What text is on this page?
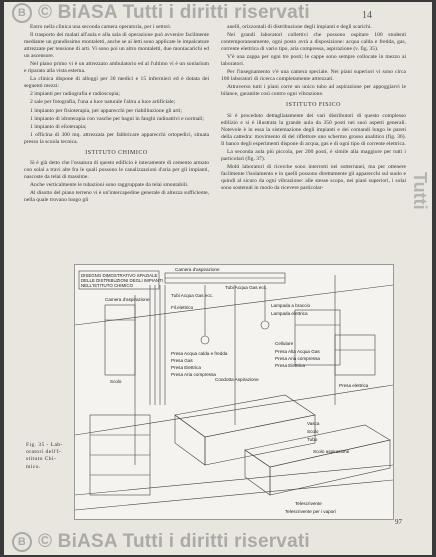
B © BiASA Tutti i diritti riservati	14
Tutti

Entro nella clinica una seconda camera operatoria, per i settori.

Il trasporto dei malati all'aula e alla sala di operazione può avvenire facilmente mediante un grandissimo montaletti, anche se ai letti sono applicate le impalcature attrezzate per tensione di arti. Vi sono poi un altro montaletti, due montacarichi ed un ascensore.

Nel piano primo vi è un attrezzato ambulatorio ed al l'ultimo vi è un sonlarium e riparato alla vista esterna.

La clinica dispone di alloggi per 30 medici e 15 infermieri ed è dotata dei seguenti mezzi:

2 impianti per radiografia e radioscopia;

2 sale per fotografia, l'una a luce naturale l'altra a luce artificiale;

1 impianto per fisioterapia, per apparecchi per riabilitazione gli arti;

1 impianto di idroterapia con vasche per bagni in fanghi radioattivi e normali;

1 impianto di elioterapia;

1 officina di 300 mq. attrezzata per fabbricare apparecchi ortopedici, situata presso la scuola tecnica.

ISTITUTO CHIMICO

Si è già detto che l'ossatura di questo edificio è interamente di cemento armato con solai a travi alte fra le quali possono le canalizzazioni d'aria per gli impianti, nascoste da telai di massime.

Anche verticalmente le tubazioni sono raggruppate da telai smontabili.

Al disotto del piano terreno vi è un'intercapedine generale di altezza sufficiente, nella quale trovano luogo gli

anelli, orizzontali di distribuzione degli impianti e degli scarichi.

Nei grandi laboratori collettivi che possono ospitare 100 studenti contemporaneamente, ogni posto avrà a disposizione: acqua calda e fredda, gas, corrente elettrica di vario tipo, aria compressa, aspirazione (v. fig. 35).

V'è una zappa per ogni tre posti; le cappe sono sempre collocate in mezzo ai laboratori.

Per l'insegnamento v'è una camera speciale. Nei piani superiori vi sono circa 100 laboratori di ricerca completamente attrezzati.

Attraverso tutti i piani corre un unico tubo ad aspirazione per appoggiarvi le bilance, garantite così contro ogni vibrazione.

ISTITUTO FISICO

Si è proceduto dettagliatamente dei vari distributori di questo complesso edilizio e si è illustrata la grande aula da 350 posti nei suoi aspetti generali. Notevole è in essa la sistemazione degli impianti e dei comandi lungo le pareti della cattedra: movimento di del riflettore uno schermo grosso analitico (fig. 36). Il banco degli esperimenti dispone di acqua, gas e di ogni tipo di corrente elettrica.

La seconda aula più piccola, per 200 posti, è simile alla maggiore per tutti i particolari (fig. 37).

Molti laboratori di ricerche sono interrotti nei sotterranei, ma per ottenere facilmente l'isolamento e in quelli possono direttamente gli apparecchi sul suolo e quindi al sicuro da ogni vibrazione: alle stesse scopo, nei piani superiori, i solai sono sostenuti in modo da ricevere particolar-

DISEGNO DIMOSTRATIVO SPAZIALE
DELLE DISTRIBUZIONI DEGLI IMPIANTI
NELL'ISTITUTO CHIMICO
Camera d'aspirazione
Tubi Acqua Gas ecc.
Tubi Acqua Gas ecc.
Camera d'aspirazione
Scolo
Fil.elettrico
Presa Acqua calda e fredda
Presa Gas
Presa Elettrica
Presa Aria compressa
Lampada a braccio
Lampada elettrica
Cellulare
Presa Alta Acqua Gas
Presa Aria compressa
Presa Elettrica
Condotta Aspirazione
Vasca
Scolo
Tubo
Presa elettrica
Scolo aspirazione
Telescrivente
Telescrivente per i vapori
Fig. 35 - Lab-
oratori dell'I-
stituto Chi-
mico.
97
B © BiASA Tutti i diritti riservati
